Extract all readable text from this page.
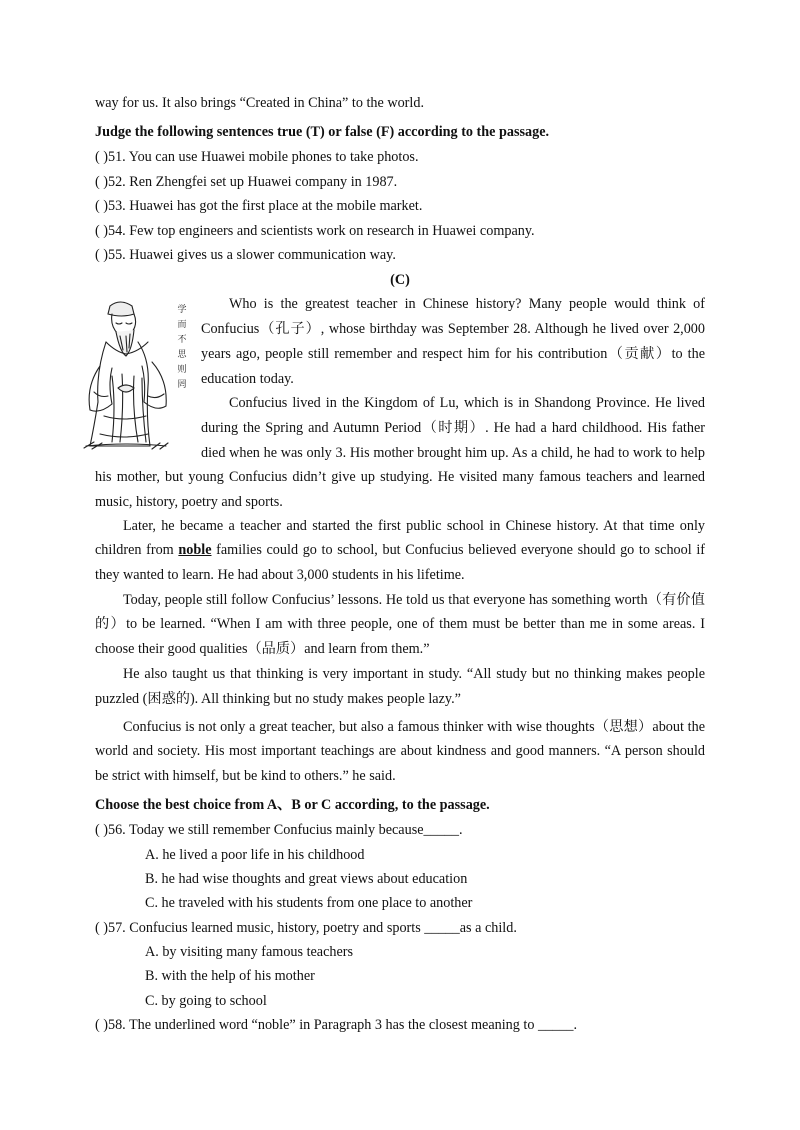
way for us. It also brings “Created in China” to the world.
Judge the following sentences true (T) or false (F) according to the passage.
( )51. You can use Huawei mobile phones to take photos.
( )52. Ren Zhengfei set up Huawei company in 1987.
( )53. Huawei has got the first place at the mobile market.
( )54. Few top engineers and scientists work on research in Huawei company.
( )55. Huawei gives us a slower communication way.
(C)
学
而
不
思
则
罔
Who is the greatest teacher in Chinese history? Many people would think of
Confucius（孔子）, whose birthday was September 28. Although he lived over 2,000
years ago, people still remember and respect him for his contribution（贡献）to the
education today.
Confucius lived in the Kingdom of Lu, which is in Shandong Province. He lived
during the Spring and Autumn Period（时期）. He had a hard childhood. His father
died when he was only 3. His mother brought him up. As a child, he had to work to help
his mother, but young Confucius didn’t give up studying. He visited many famous teachers and learned
music, history, poetry and sports.
Later, he became a teacher and started the first public school in Chinese history. At that time only
children from noble families could go to school, but Confucius believed everyone should go to school if
they wanted to learn. He had about 3,000 students in his lifetime.
Today, people still follow Confucius’ lessons. He told us that everyone has something worth（有价值
的）to be learned. “When I am with three people, one of them must be better than me in some areas. I
choose their good qualities（品质）and learn from them.”
He also taught us that thinking is very important in study. “All study but no thinking makes people
puzzled (困惑的). All thinking but no study makes people lazy.”
Confucius is not only a great teacher, but also a famous thinker with wise thoughts（思想）about the
world and society. His most important teachings are about kindness and good manners. “A person should
be strict with himself, but be kind to others.” he said.
Choose the best choice from A、B or C according, to the passage.
( )56. Today we still remember Confucius mainly because_____.
A. he lived a poor life in his childhood
B. he had wise thoughts and great views about education
C. he traveled with his students from one place to another
( )57. Confucius learned music, history, poetry and sports _____as a child.
A. by visiting many famous teachers
B. with the help of his mother
C. by going to school
( )58. The underlined word “noble” in Paragraph 3 has the closest meaning to _____.
